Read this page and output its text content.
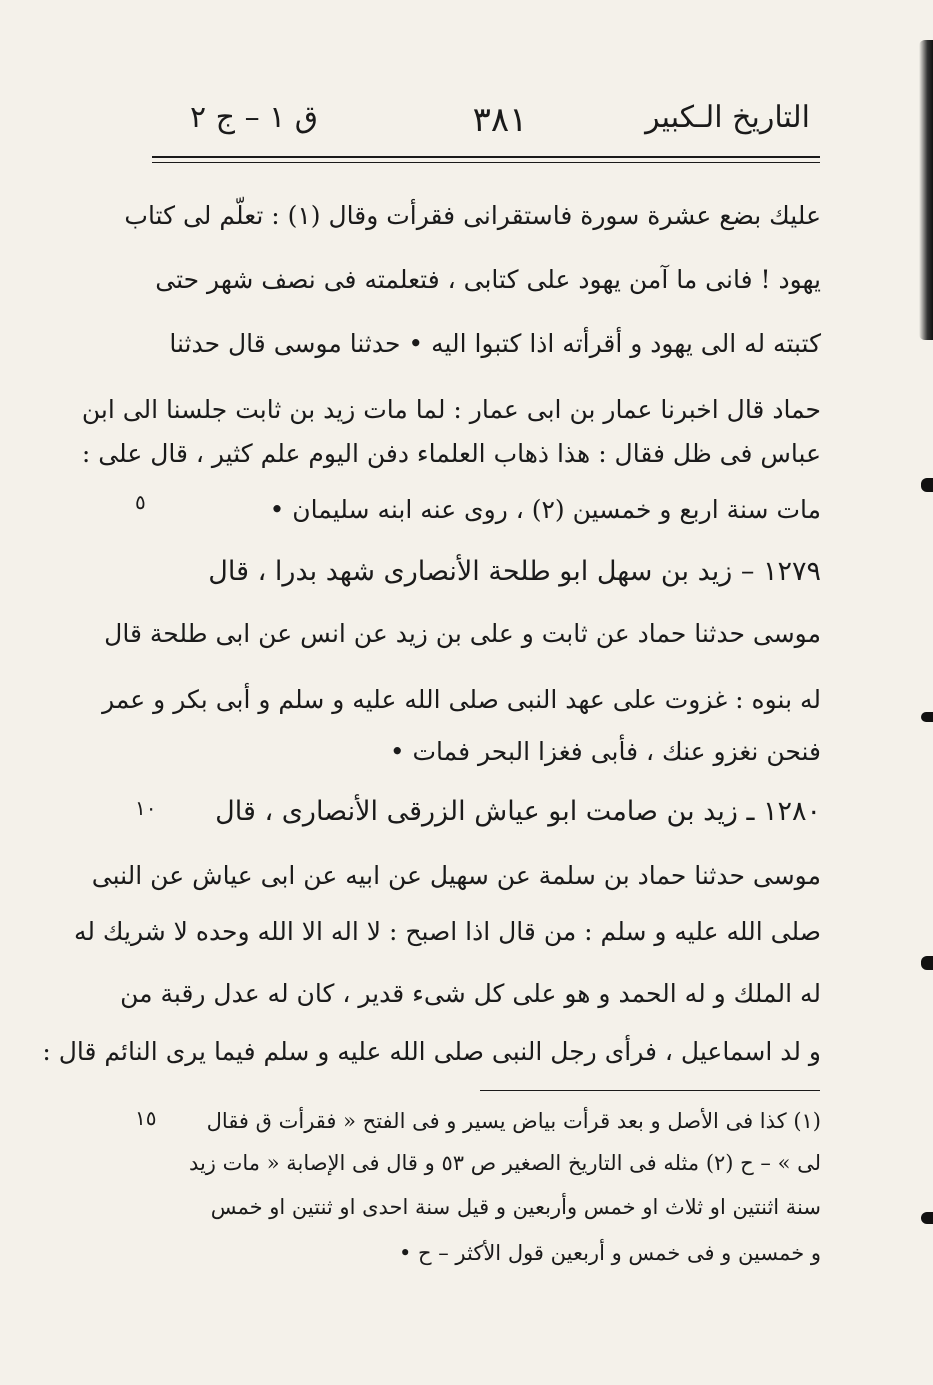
التاريخ الـكبير
٣٨١
ق ١ – ج ٢
عليك بضع عشرة سورة فاستقرانى فقرأت وقال (١) : تعلّم لى كتاب
يهود ! فانى ما آمن يهود على كتابى ، فتعلمته فى نصف شهر حتى
كتبته له الى يهود و أقرأته اذا كتبوا اليه • حدثنا موسى قال حدثنا
حماد قال اخبرنا عمار بن ابى عمار : لما مات زيد بن ثابت جلسنا الى ابن
عباس فى ظل فقال : هذا ذهاب العلماء دفن اليوم علم كثير ، قال على :
مات سنة اربع و خمسين (٢) ، روى عنه ابنه سليمان •
٥
١٢٧٩ – زيد بن سهل ابو طلحة الأنصارى شهد بدرا ، قال
موسى حدثنا حماد عن ثابت و على بن زيد عن انس عن ابى طلحة قال
له بنوه : غزوت على عهد النبى صلى الله عليه و سلم و أبى بكر و عمر
فنحن نغزو عنك ، فأبى فغزا البحر فمات •
١٢٨٠ ـ زيد بن صامت ابو عياش الزرقى الأنصارى ، قال
١٠
موسى حدثنا حماد بن سلمة عن سهيل عن ابيه عن ابى عياش عن النبى
صلى الله عليه و سلم : من قال اذا اصبح : لا اله الا الله وحده لا شريك له
له الملك و له الحمد و هو على كل شىء قدير ، كان له عدل رقبة من
و لد اسماعيل ، فرأى رجل النبى صلى الله عليه و سلم فيما يرى النائم قال :
(١) كذا فى الأصل و بعد قرأت بياض يسير و فى الفتح « فقرأت ق فقال
١٥
لى » – ح (٢) مثله فى التاريخ الصغير ص ٥٣ و قال فى الإصابة « مات زيد
سنة اثنتين او ثلاث او خمس وأربعين و قيل سنة احدى او ثنتين او خمس
و خمسين و فى خمس و أربعين قول الأكثر – ح •
